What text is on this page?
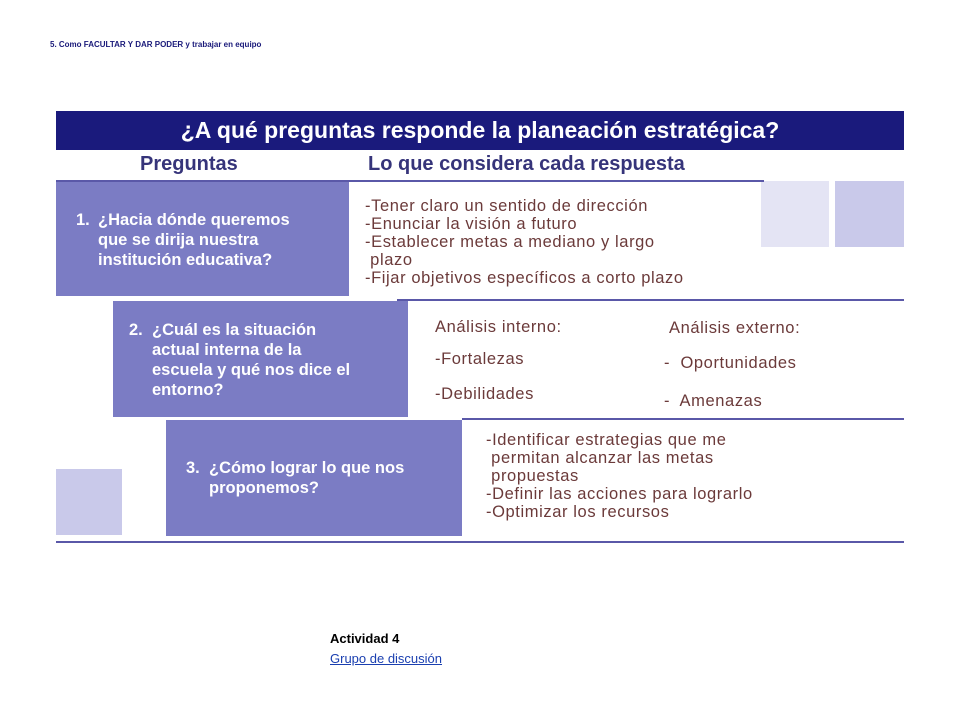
5. Como FACULTAR Y DAR PODER y trabajar en equipo
¿A qué preguntas responde la planeación estratégica?
Preguntas	Lo que considera cada respuesta
1. ¿Hacia dónde queremos
que se dirija nuestra
institución educativa?
-Tener claro un sentido de dirección
-Enunciar la visión a futuro
-Establecer metas a mediano y largo
plazo
-Fijar objetivos específicos a corto plazo
2. ¿Cuál es la situación
actual interna de la
escuela y qué nos dice el
entorno?
Análisis interno:
-Fortalezas
-Debilidades
Análisis externo:
-  Oportunidades
-  Amenazas
3. ¿Cómo lograr lo que nos
proponemos?
-Identificar estrategias que me
permitan alcanzar las metas
propuestas
-Definir las acciones para lograrlo
-Optimizar los recursos
Actividad 4
Grupo de discusión
